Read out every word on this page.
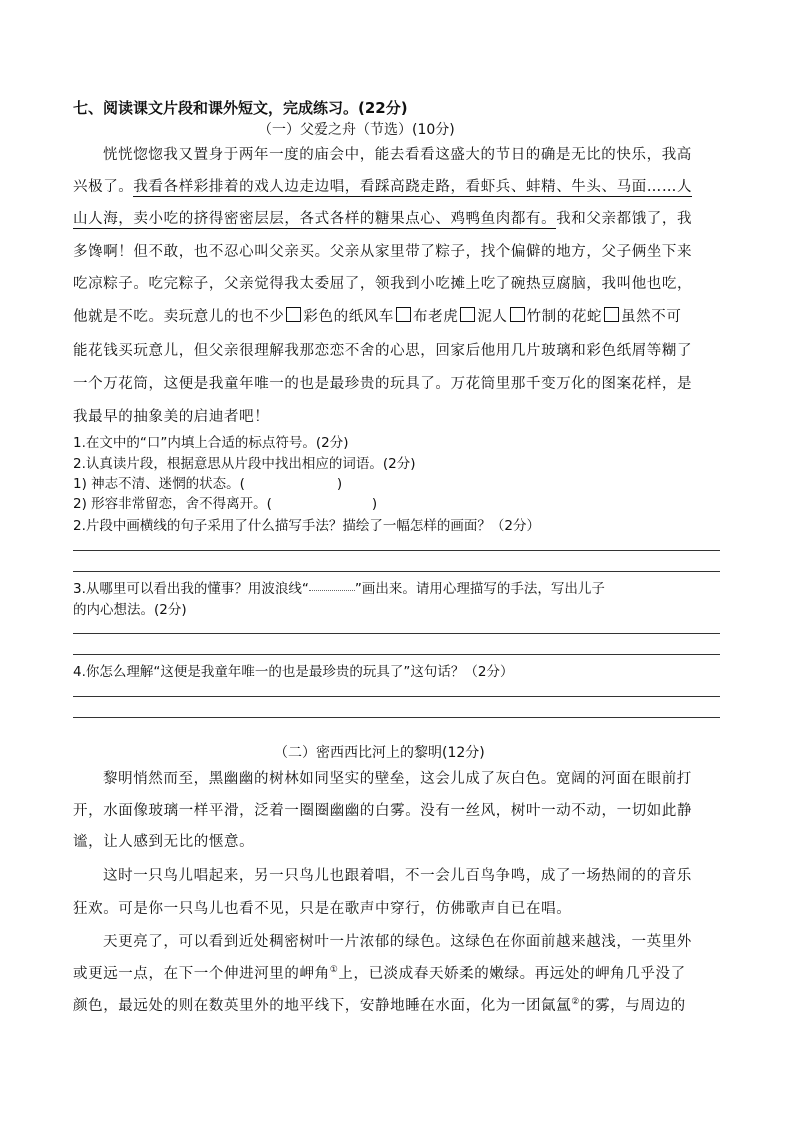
七、阅读课文片段和课外短文，完成练习。(22分)
（一）父爱之舟（节选）(10分)
恍恍惚惚我又置身于两年一度的庙会中，能去看看这盛大的节日的确是无比的快乐，我高
兴极了。我看各样彩排着的戏人边走边唱，看踩高跷走路，看虾兵、蚌精、牛头、马面……人
山人海，卖小吃的挤得密密层层，各式各样的糖果点心、鸡鸭鱼肉都有。我和父亲都饿了，我
多馋啊！但不敢，也不忍心叫父亲买。父亲从家里带了粽子，找个偏僻的地方，父子俩坐下来
吃凉粽子。吃完粽子，父亲觉得我太委屈了，领我到小吃摊上吃了碗热豆腐脑，我叫他也吃，
他就是不吃。卖玩意儿的也不少 彩色的纸风车 布老虎 泥人 竹制的花蛇 虽然不可
能花钱买玩意儿，但父亲很理解我那恋恋不舍的心思，回家后他用几片玻璃和彩色纸屑等糊了
一个万花筒，这便是我童年唯一的也是最珍贵的玩具了。万花筒里那千变万化的图案花样，是
我最早的抽象美的启迪者吧！
1.在文中的“口”内填上合适的标点符号。(2分)
2.认真读片段，根据意思从片段中找出相应的词语。(2分)
1) 神志不清、迷惘的状态。(	)
2) 形容非常留恋，舍不得离开。(	)
2.片段中画横线的句子采用了什么描写手法？描绘了一幅怎样的画面？（2分）
3.从哪里可以看出我的懂事？用波浪线“	”画出来。请用心理描写的手法，写出儿子
的内心想法。(2分)
4.你怎么理解“这便是我童年唯一的也是最珍贵的玩具了”这句话？（2分）
（二）密西西比河上的黎明(12分)
黎明悄然而至，黑幽幽的树林如同坚实的壁垒，这会儿成了灰白色。宽阔的河面在眼前打
开，水面像玻璃一样平滑，泛着一圈圈幽幽的白雾。没有一丝风，树叶一动不动，一切如此静
谧，让人感到无比的惬意。
这时一只鸟儿唱起来，另一只鸟儿也跟着唱，不一会儿百鸟争鸣，成了一场热闹的的音乐
狂欢。可是你一只鸟儿也看不见，只是在歌声中穿行，仿佛歌声自已在唱。
天更亮了，可以看到近处稠密树叶一片浓郁的绿色。这绿色在你面前越来越浅，一英里外
或更远一点，在下一个伸进河里的岬角①上，已淡成春天娇柔的嫩绿。再远处的岬角几乎没了
颜色，最远处的则在数英里外的地平线下，安静地睡在水面，化为一团氤氲②的雾，与周边的
